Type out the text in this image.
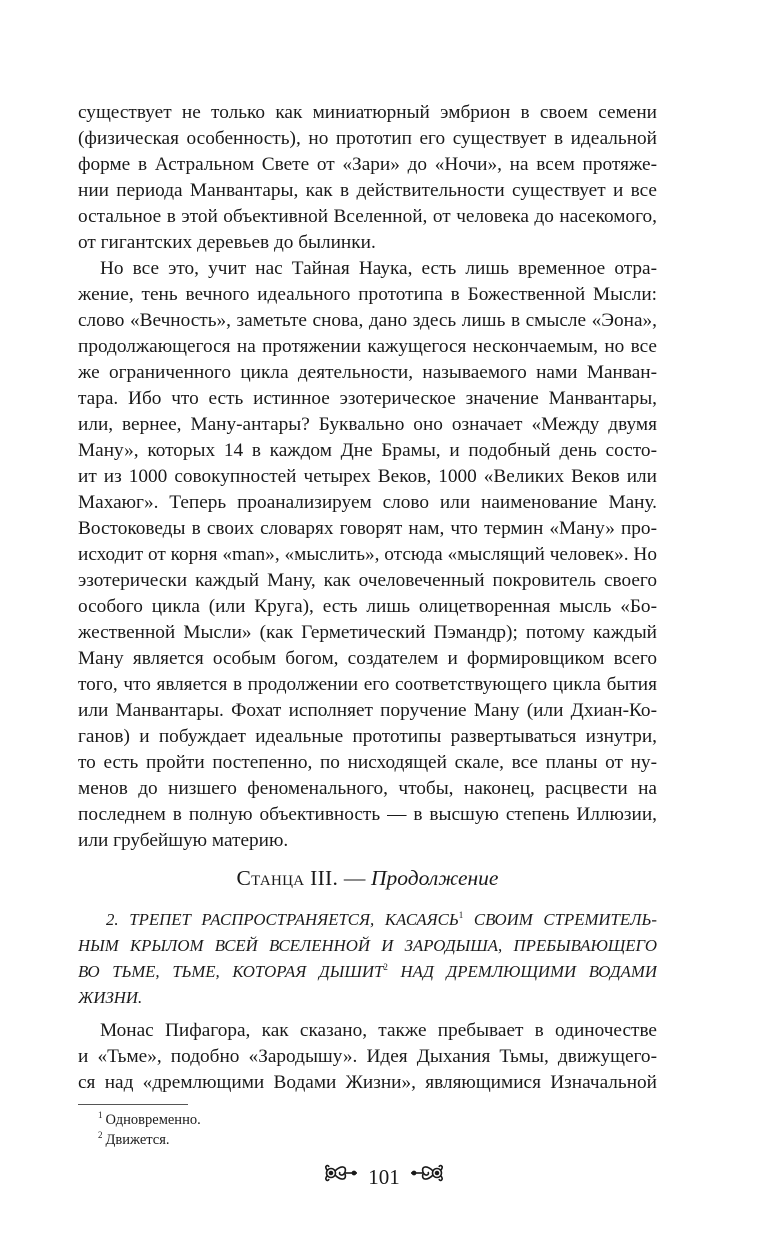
существует не только как миниатюрный эмбрион в своем семени
(физическая особенность), но прототип его существует в идеальной
форме в Астральном Свете от «Зари» до «Ночи», на всем протяже-
нии периода Манвантары, как в действительности существует и все
остальное в этой объективной Вселенной, от человека до насекомого,
от гигантских деревьев до былинки.
Но все это, учит нас Тайная Наука, есть лишь временное отра-
жение, тень вечного идеального прототипа в Божественной Мысли:
слово «Вечность», заметьте снова, дано здесь лишь в смысле «Эона»,
продолжающегося на протяжении кажущегося нескончаемым, но все
же ограниченного цикла деятельности, называемого нами Манван-
тара. Ибо что есть истинное эзотерическое значение Манвантары,
или, вернее, Ману-антары? Буквально оно означает «Между двумя
Ману», которых 14 в каждом Дне Брамы, и подобный день состо-
ит из 1000 совокупностей четырех Веков, 1000 «Великих Веков или
Махаюг». Теперь проанализируем слово или наименование Ману.
Востоковеды в своих словарях говорят нам, что термин «Ману» про-
исходит от корня «man», «мыслить», отсюда «мыслящий человек». Но
эзотерически каждый Ману, как очеловеченный покровитель своего
особого цикла (или Круга), есть лишь олицетворенная мысль «Бо-
жественной Мысли» (как Герметический Пэмандр); потому каждый
Ману является особым богом, создателем и формировщиком всего
того, что является в продолжении его соответствующего цикла бытия
или Манвантары. Фохат исполняет поручение Ману (или Дхиан-Ко-
ганов) и побуждает идеальные прототипы развертываться изнутри,
то есть пройти постепенно, по нисходящей скале, все планы от ну-
менов до низшего феноменального, чтобы, наконец, расцвести на
последнем в полную объективность — в высшую степень Иллюзии,
или грубейшую материю.
Станца III. — Продолжение
2. ТРЕПЕТ РАСПРОСТРАНЯЕТСЯ, КАСАЯСЬ$^1$ СВОИМ СТРЕМИТЕЛЬ-
НЫМ КРЫЛОМ ВСЕЙ ВСЕЛЕННОЙ И ЗАРОДЫША, ПРЕБЫВАЮЩЕГО
ВО ТЬМЕ, ТЬМЕ, КОТОРАЯ ДЫШИТ$^2$ НАД ДРЕМЛЮЩИМИ ВОДАМИ
ЖИЗНИ.
Монас Пифагора, как сказано, также пребывает в одиночестве
и «Тьме», подобно «Зародышу». Идея Дыхания Тьмы, движущего-
ся над «дремлющими Водами Жизни», являющимися Изначальной
$^1$ Одновременно.
$^2$ Движется.
101
